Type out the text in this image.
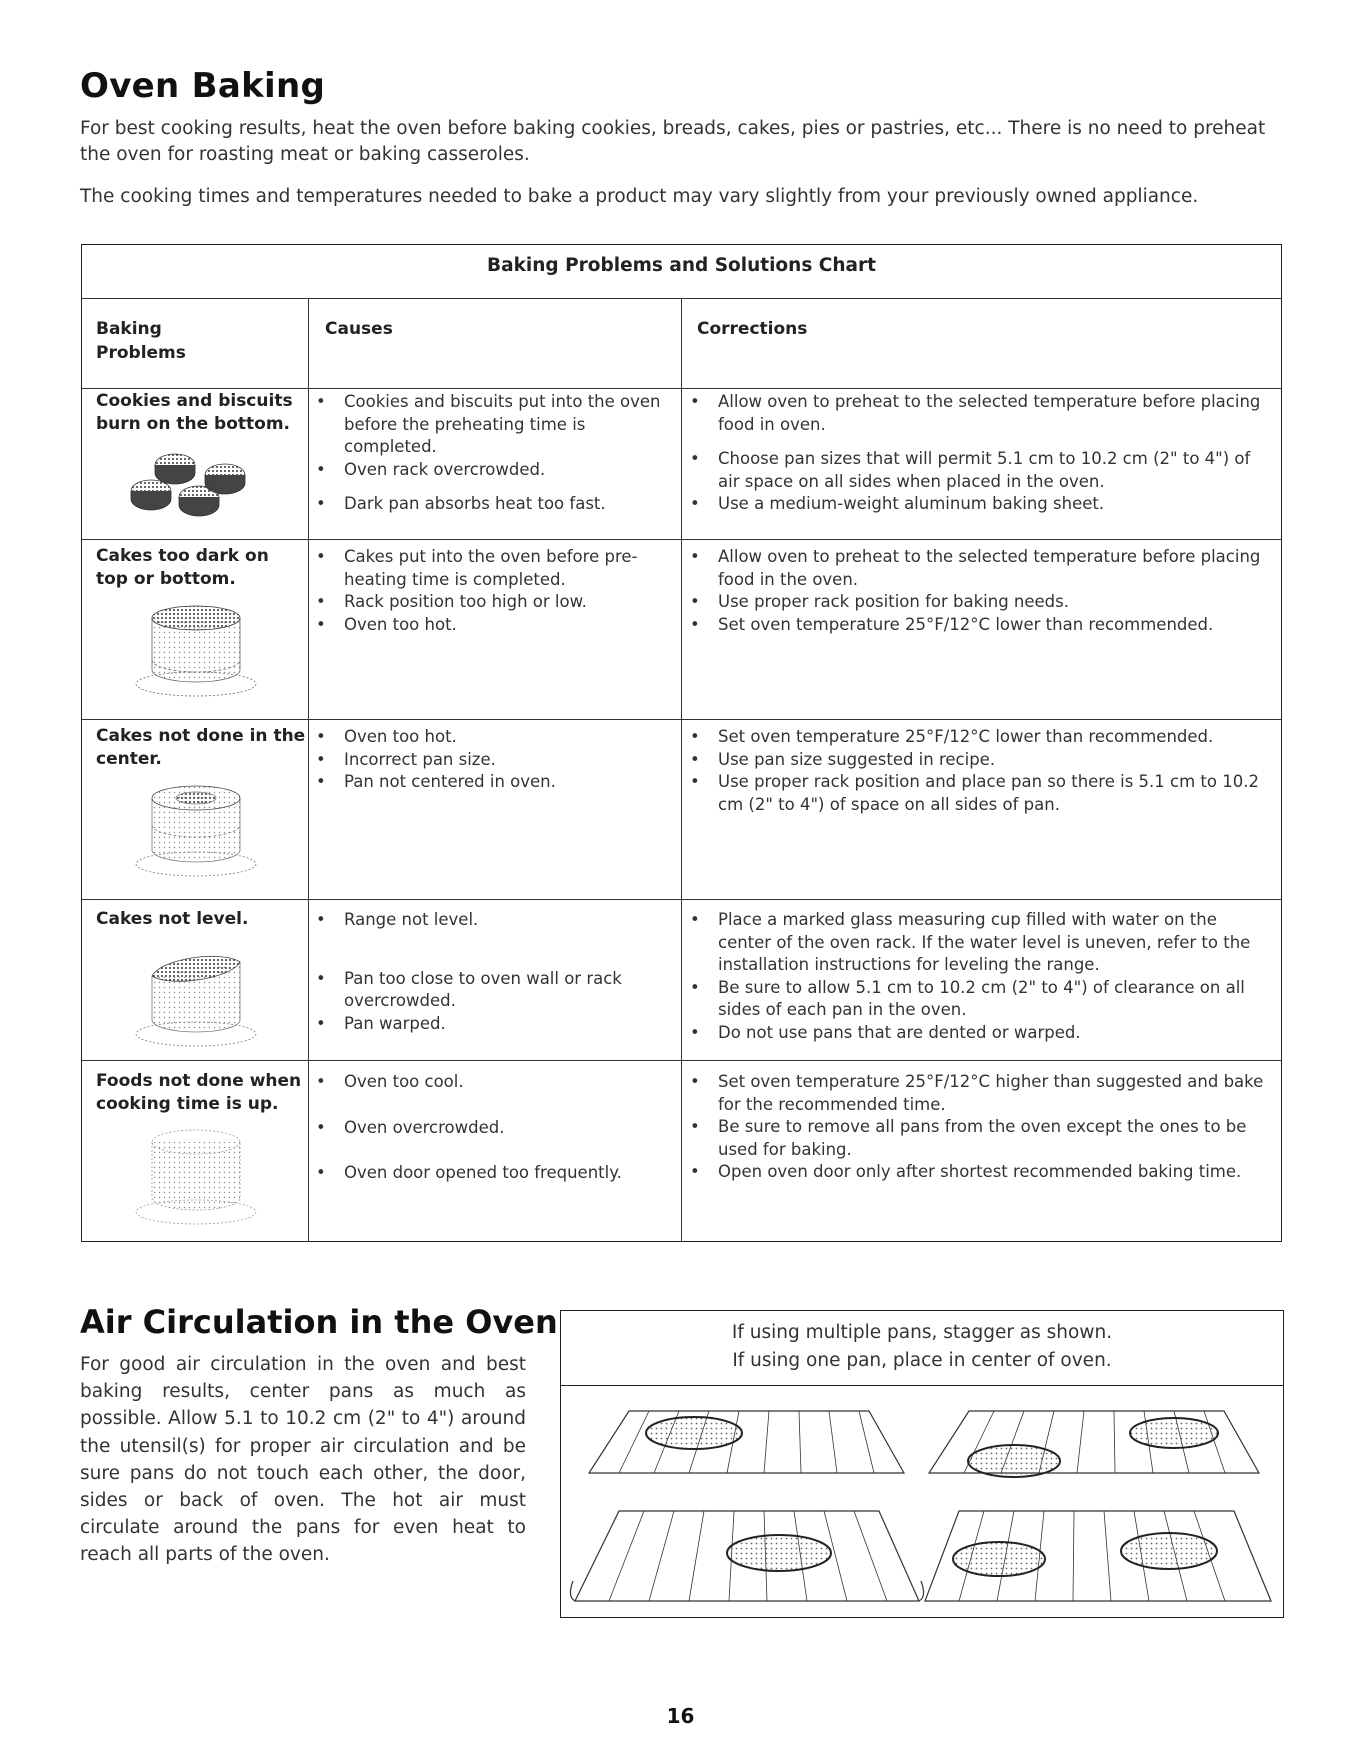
Oven Baking

For best cooking results, heat the oven before baking cookies, breads, cakes, pies or pastries, etc... There is no need to preheat the oven for roasting meat or baking casseroles.

The cooking times and temperatures needed to bake a product may vary slightly from your previously owned appliance.

Baking Problems and Solutions Chart
Baking Problems
Causes	Corrections
Cookies and biscuits burn on the bottom.
• Cookies and biscuits put into the oven before the preheating time is completed.
• Oven rack overcrowded.
• Dark pan absorbs heat too fast.
• Allow oven to preheat to the selected temperature before placing food in oven.
• Choose pan sizes that will permit 5.1 cm to 10.2 cm (2" to 4") of air space on all sides when placed in the oven.
• Use a medium-weight aluminum baking sheet.
Cakes too dark on top or bottom.
• Cakes put into the oven before pre-heating time is completed.
• Rack position too high or low.
• Oven too hot.
• Allow oven to preheat to the selected temperature before placing food in the oven.
• Use proper rack position for baking needs.
• Set oven temperature 25°F/12°C lower than recommended.
Cakes not done in the center.
• Oven too hot.
• Incorrect pan size.
• Pan not centered in oven.
• Set oven temperature 25°F/12°C lower than recommended.
• Use pan size suggested in recipe.
• Use proper rack position and place pan so there is 5.1 cm to 10.2 cm (2" to 4") of space on all sides of pan.
Cakes not level.
•	Range not level.
• Pan too close to oven wall or rack overcrowded.
• Pan warped.
• Place a marked glass measuring cup filled with water on the center of the oven rack. If the water level is uneven, refer to the installation instructions for leveling the range.
• Be sure to allow 5.1 cm to 10.2 cm (2" to 4") of clearance on all sides of each pan in the oven.
• Do not use pans that are dented or warped.
Foods not done when cooking time is up.
• Oven too cool.
• Oven overcrowded.
• Oven door opened too frequently.
• Set oven temperature 25°F/12°C higher than suggested and bake for the recommended time.
• Be sure to remove all pans from the oven except the ones to be used for baking.
• Open oven door only after shortest recommended baking time.
Air Circulation in the Oven

For good air circulation in the oven and best baking results, center pans as much as possible. Allow 5.1 to 10.2 cm (2" to 4") around the utensil(s) for proper air circulation and be sure pans do not touch each other, the door, sides or back of oven. The hot air must circulate around the pans for even heat to reach all parts of the oven.

If using multiple pans, stagger as shown.
If using one pan, place in center of oven.
16
